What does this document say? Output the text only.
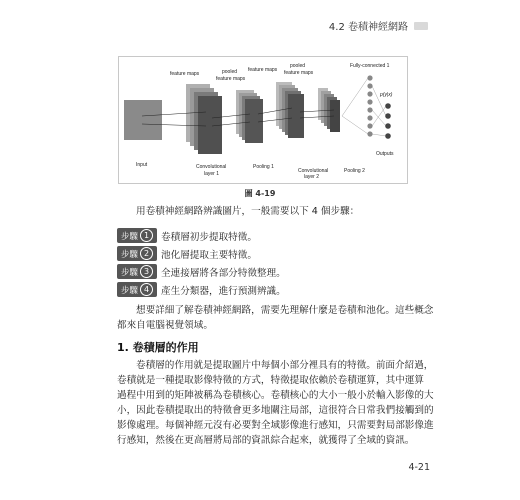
4.2 卷積神經網路
feature maps	pooled
feature maps
feature maps
pooled
feature maps
Fully-connected 1
p(y|x)
Outputs
Input	Convolutional
layer 1
Pooling 1
Convolutional
layer 2
Pooling 2
圖 4-19
用卷積神經網路辨識圖片，一般需要以下 4 個步驟：
步驟 1	卷積層初步提取特徵。
步驟 2	池化層提取主要特徵。
步驟 3	全連接層將各部分特徵整理。
步驟 4	產生分類器，進行預測辨識。
想要詳細了解卷積神經網路，需要先理解什麼是卷積和池化。這些概念
都來自電腦視覺領域。
1. 卷積層的作用
卷積層的作用就是提取圖片中每個小部分裡具有的特徵。前面介紹過，
卷積就是一種提取影像特徵的方式，特徵提取依賴於卷積運算，其中運算
過程中用到的矩陣被稱為卷積核心。卷積核心的大小一般小於輸入影像的大
小，因此卷積提取出的特徵會更多地關注局部，這很符合日常我們接觸到的
影像處理。每個神經元沒有必要對全域影像進行感知，只需要對局部影像進
行感知，然後在更高層將局部的資訊綜合起來，就獲得了全域的資訊。
4-21
